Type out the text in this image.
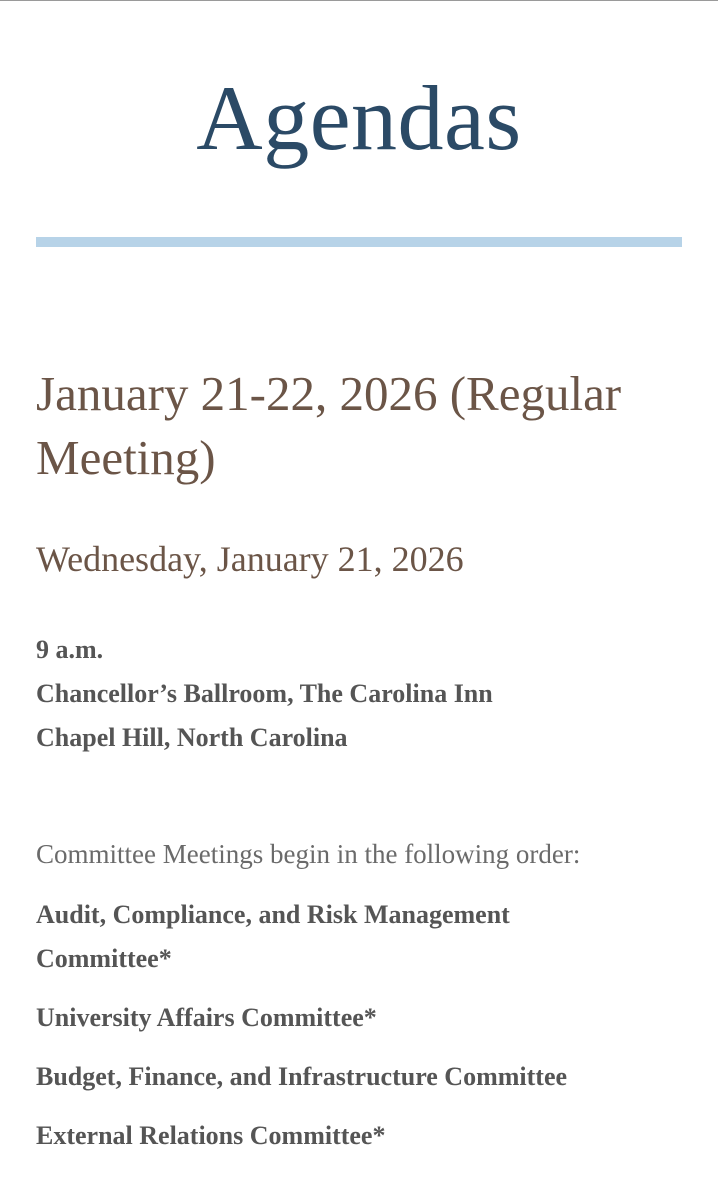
Agendas
January 21-22, 2026 (Regular Meeting)
Wednesday, January 21, 2026
9 a.m.
Chancellor’s Ballroom, The Carolina Inn
Chapel Hill, North Carolina

Committee Meetings begin in the following order:

Audit, Compliance, and Risk Management Committee*
University Affairs Committee*
Budget, Finance, and Infrastructure Committee
External Relations Committee*
